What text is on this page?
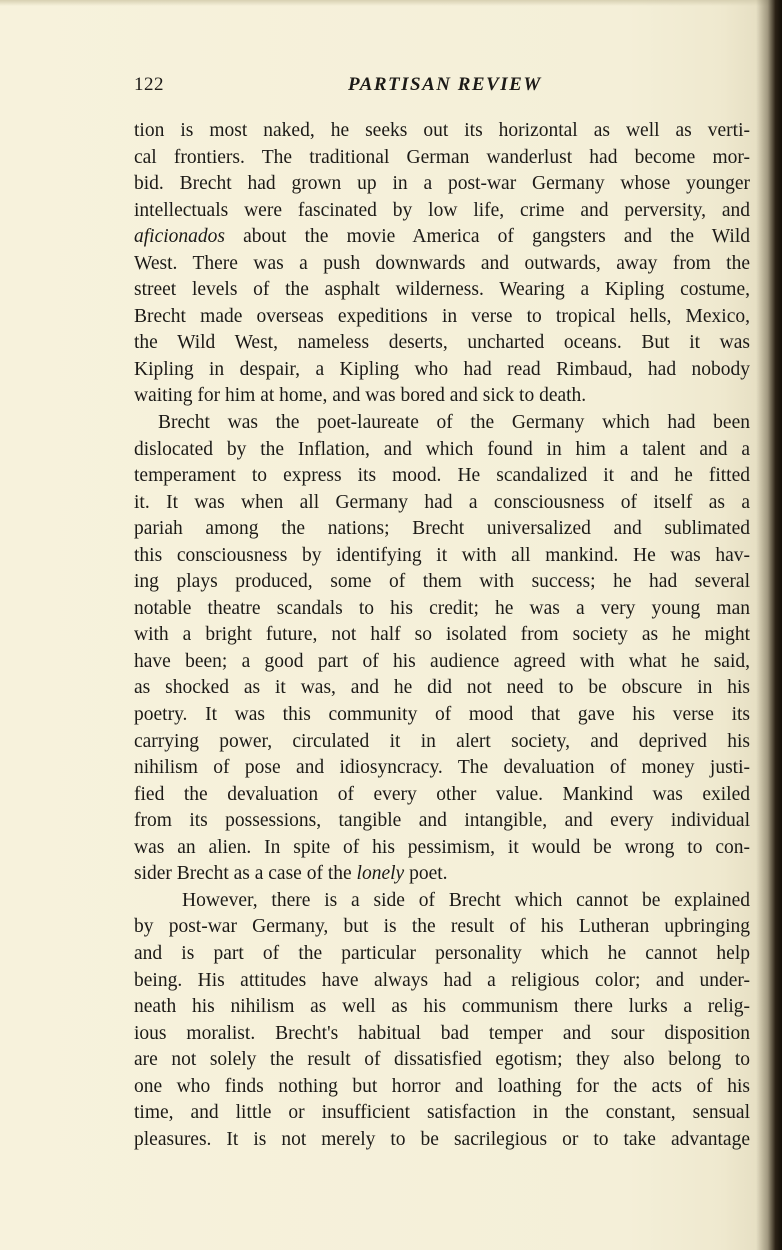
122	PARTISAN REVIEW
tion is most naked, he seeks out its horizontal as well as verti-
cal frontiers. The traditional German wanderlust had become mor-
bid. Brecht had grown up in a post-war Germany whose younger
intellectuals were fascinated by low life, crime and perversity, and
aficionados about the movie America of gangsters and the Wild
West. There was a push downwards and outwards, away from the
street levels of the asphalt wilderness. Wearing a Kipling costume,
Brecht made overseas expeditions in verse to tropical hells, Mexico,
the Wild West, nameless deserts, uncharted oceans. But it was
Kipling in despair, a Kipling who had read Rimbaud, had nobody
waiting for him at home, and was bored and sick to death.
Brecht was the poet-laureate of the Germany which had been
dislocated by the Inflation, and which found in him a talent and a
temperament to express its mood. He scandalized it and he fitted
it. It was when all Germany had a consciousness of itself as a
pariah among the nations; Brecht universalized and sublimated
this consciousness by identifying it with all mankind. He was hav-
ing plays produced, some of them with success; he had several
notable theatre scandals to his credit; he was a very young man
with a bright future, not half so isolated from society as he might
have been; a good part of his audience agreed with what he said,
as shocked as it was, and he did not need to be obscure in his
poetry. It was this community of mood that gave his verse its
carrying power, circulated it in alert society, and deprived his
nihilism of pose and idiosyncracy. The devaluation of money justi-
fied the devaluation of every other value. Mankind was exiled
from its possessions, tangible and intangible, and every individual
was an alien. In spite of his pessimism, it would be wrong to con-
sider Brecht as a case of the lonely poet.
However, there is a side of Brecht which cannot be explained
by post-war Germany, but is the result of his Lutheran upbringing
and is part of the particular personality which he cannot help
being. His attitudes have always had a religious color; and under-
neath his nihilism as well as his communism there lurks a relig-
ious moralist. Brecht's habitual bad temper and sour disposition
are not solely the result of dissatisfied egotism; they also belong to
one who finds nothing but horror and loathing for the acts of his
time, and little or insufficient satisfaction in the constant, sensual
pleasures. It is not merely to be sacrilegious or to take advantage
